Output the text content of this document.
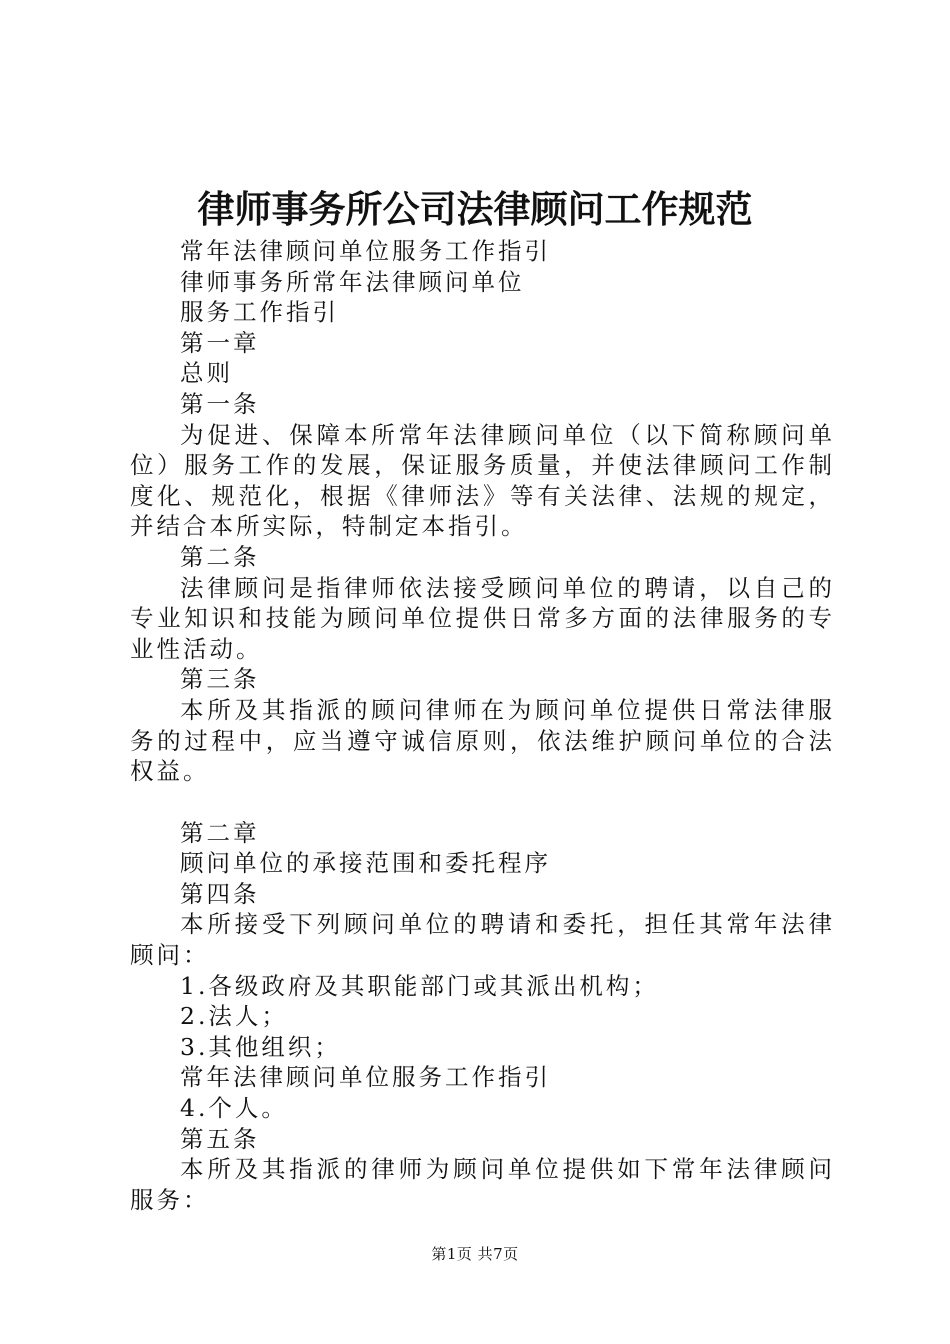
律师事务所公司法律顾问工作规范
常年法律顾问单位服务工作指引
律师事务所常年法律顾问单位
服务工作指引
第一章
总则
第一条
为促进、保障本所常年法律顾问单位（以下简称顾问单位）服务工作的发展，保证服务质量，并使法律顾问工作制度化、规范化，根据《律师法》等有关法律、法规的规定，并结合本所实际，特制定本指引。
第二条
法律顾问是指律师依法接受顾问单位的聘请，以自己的专业知识和技能为顾问单位提供日常多方面的法律服务的专业性活动。
第三条
本所及其指派的顾问律师在为顾问单位提供日常法律服务的过程中，应当遵守诚信原则，依法维护顾问单位的合法权益。
第二章
顾问单位的承接范围和委托程序
第四条
本所接受下列顾问单位的聘请和委托，担任其常年法律顾问：
1.各级政府及其职能部门或其派出机构；
2.法人；
3.其他组织；
常年法律顾问单位服务工作指引
4.个人。
第五条
本所及其指派的律师为顾问单位提供如下常年法律顾问服务：
第1页 共7页
